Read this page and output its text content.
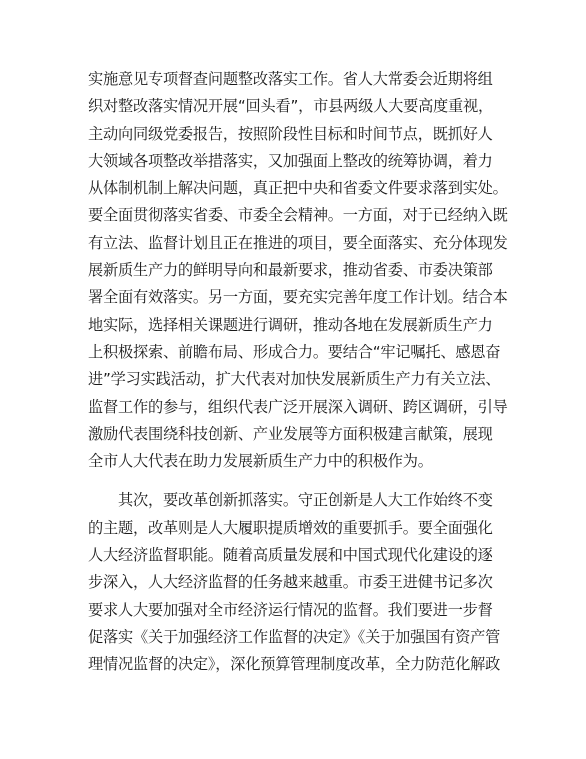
实施意见专项督查问题整改落实工作。省人大常委会近期将组
织对整改落实情况开展“回头看”，市县两级人大要高度重视，
主动向同级党委报告，按照阶段性目标和时间节点，既抓好人
大领域各项整改举措落实，又加强面上整改的统筹协调，着力
从体制机制上解决问题，真正把中央和省委文件要求落到实处。
要全面贯彻落实省委、市委全会精神。一方面，对于已经纳入既
有立法、监督计划且正在推进的项目，要全面落实、充分体现发
展新质生产力的鲜明导向和最新要求，推动省委、市委决策部
署全面有效落实。另一方面，要充实完善年度工作计划。结合本
地实际，选择相关课题进行调研，推动各地在发展新质生产力
上积极探索、前瞻布局、形成合力。要结合“牢记嘱托、感恩奋
进”学习实践活动，扩大代表对加快发展新质生产力有关立法、
监督工作的参与，组织代表广泛开展深入调研、跨区调研，引导
激励代表围绕科技创新、产业发展等方面积极建言献策，展现
全市人大代表在助力发展新质生产力中的积极作为。
其次，要改革创新抓落实。守正创新是人大工作始终不变
的主题，改革则是人大履职提质增效的重要抓手。要全面强化
人大经济监督职能。随着高质量发展和中国式现代化建设的逐
步深入，人大经济监督的任务越来越重。市委王进健书记多次
要求人大要加强对全市经济运行情况的监督。我们要进一步督
促落实《关于加强经济工作监督的决定》《关于加强国有资产管
理情况监督的决定》，深化预算管理制度改革，全力防范化解政
